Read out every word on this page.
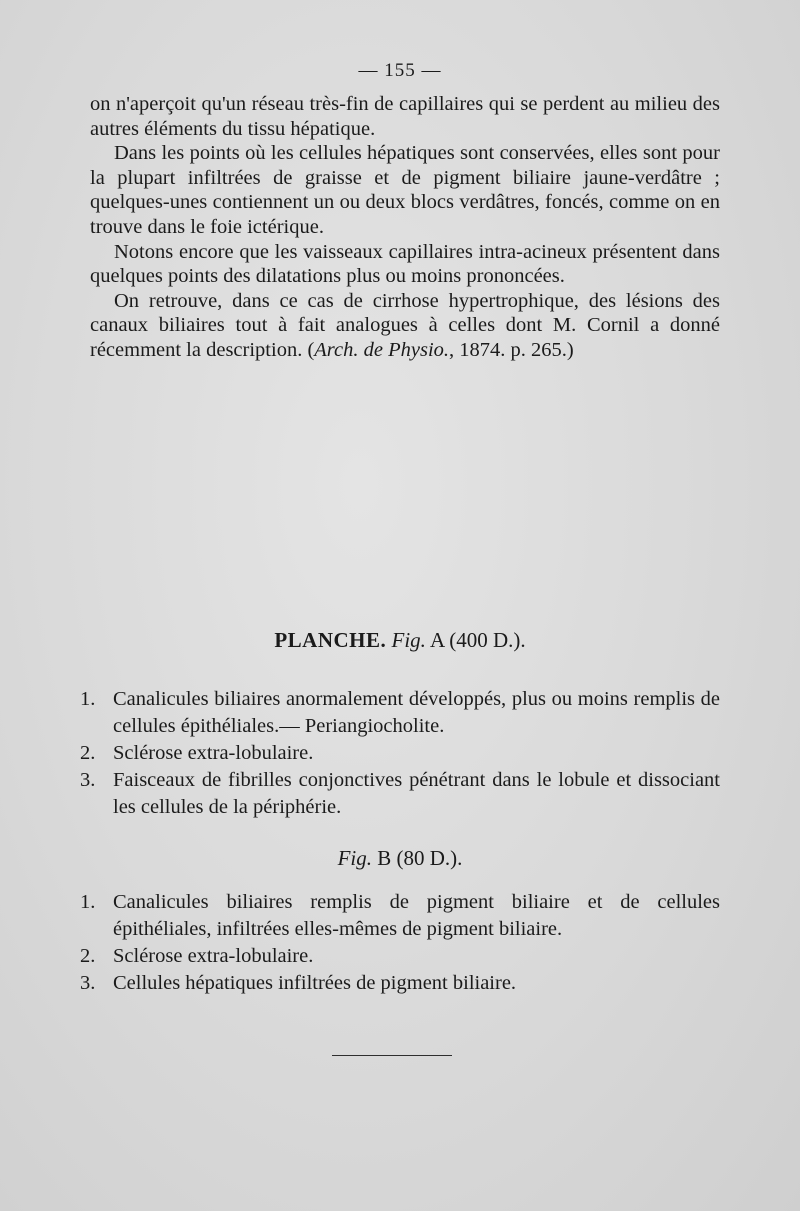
— 155 —

on n'aperçoit qu'un réseau très-fin de capillaires qui se perdent au milieu des autres éléments du tissu hépatique.

Dans les points où les cellules hépatiques sont conservées, elles sont pour la plupart infiltrées de graisse et de pigment biliaire jaune-verdâtre ; quelques-unes contiennent un ou deux blocs verdâtres, foncés, comme on en trouve dans le foie ictérique.

Notons encore que les vaisseaux capillaires intra-acineux présentent dans quelques points des dilatations plus ou moins prononcées.

On retrouve, dans ce cas de cirrhose hypertrophique, des lésions des canaux biliaires tout à fait analogues à celles dont M. Cornil a donné récemment la description. (Arch. de Physio., 1874. p. 265.)

PLANCHE. Fig. A (400 D.).
1. Canalicules biliaires anormalement développés, plus ou moins remplis de cellules épithéliales.— Periangiocholite.
2. Sclérose extra-lobulaire.
3. Faisceaux de fibrilles conjonctives pénétrant dans le lobule et dissociant les cellules de la périphérie.
Fig. B (80 D.).
1. Canalicules biliaires remplis de pigment biliaire et de cellules épithéliales, infiltrées elles-mêmes de pigment biliaire.
2. Sclérose extra-lobulaire.
3. Cellules hépatiques infiltrées de pigment biliaire.
